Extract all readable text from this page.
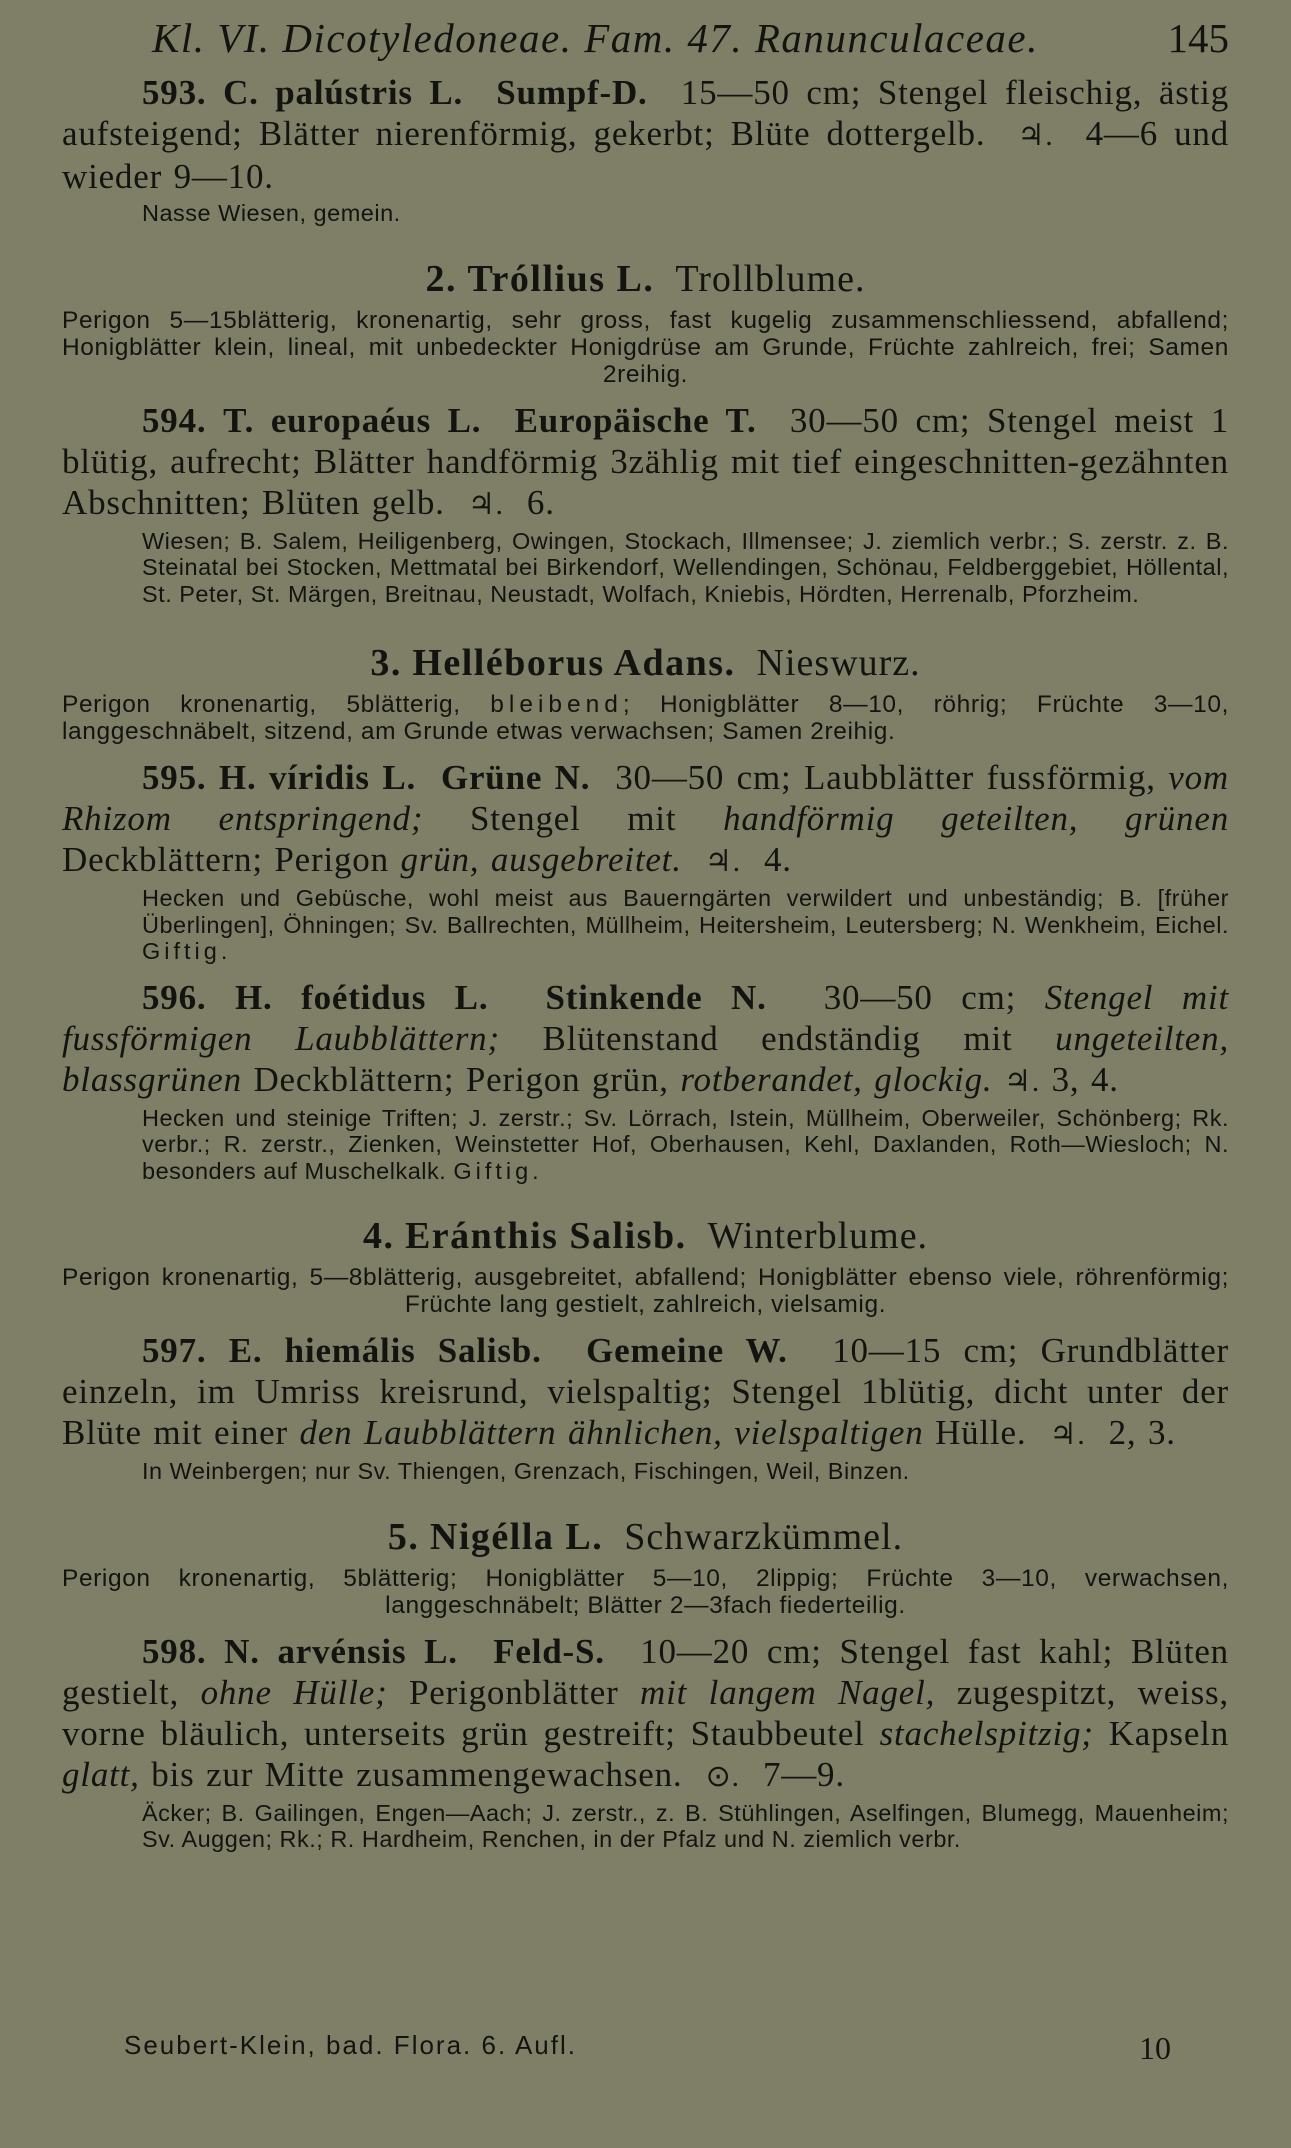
Kl. VI. Dicotyledoneae. Fam. 47. Ranunculaceae.	145
593. C. palústris L. Sumpf-D. 15—50 cm; Stengel fleischig, ästig aufsteigend; Blätter nierenförmig, gekerbt; Blüte dottergelb. ♃. 4—6 und wieder 9—10.
Nasse Wiesen, gemein.
2. Tróllius L. Trollblume.
Perigon 5—15blätterig, kronenartig, sehr gross, fast kugelig zusammenschliessend, abfallend; Honigblätter klein, lineal, mit unbedeckter Honigdrüse am Grunde, Früchte zahlreich, frei; Samen 2reihig.
594. T. europaéus L. Europäische T. 30—50 cm; Stengel meist 1 blütig, aufrecht; Blätter handförmig 3zählig mit tief eingeschnitten-gezähnten Abschnitten; Blüten gelb. ♃. 6.
Wiesen; B. Salem, Heiligenberg, Owingen, Stockach, Illmensee; J. ziemlich verbr.; S. zerstr. z. B. Steinatal bei Stocken, Mettmatal bei Birkendorf, Wellendingen, Schönau, Feldberggebiet, Höllental, St. Peter, St. Märgen, Breitnau, Neustadt, Wolfach, Kniebis, Hördten, Herrenalb, Pforzheim.
3. Helléborus Adans. Nieswurz.
Perigon kronenartig, 5blätterig, bleibend; Honigblätter 8—10, röhrig; Früchte 3—10, langgeschnäbelt, sitzend, am Grunde etwas verwachsen; Samen 2reihig.
595. H. víridis L. Grüne N. 30—50 cm; Laubblätter fussförmig, vom Rhizom entspringend; Stengel mit handförmig geteilten, grünen Deckblättern; Perigon grün, ausgebreitet. ♃. 4.
Hecken und Gebüsche, wohl meist aus Bauerngärten verwildert und unbeständig; B. [früher Überlingen], Öhningen; Sv. Ballrechten, Müllheim, Heitersheim, Leutersberg; N. Wenkheim, Eichel. Giftig.
596. H. foétidus L. Stinkende N. 30—50 cm; Stengel mit fussförmigen Laubblättern; Blütenstand endständig mit ungeteilten, blassgrünen Deckblättern; Perigon grün, rotberandet, glockig. ♃. 3, 4.
Hecken und steinige Triften; J. zerstr.; Sv. Lörrach, Istein, Müllheim, Oberweiler, Schönberg; Rk. verbr.; R. zerstr., Zienken, Weinstetter Hof, Oberhausen, Kehl, Daxlanden, Roth—Wiesloch; N. besonders auf Muschelkalk. Giftig.
4. Eránthis Salisb. Winterblume.
Perigon kronenartig, 5—8blätterig, ausgebreitet, abfallend; Honigblätter ebenso viele, röhrenförmig; Früchte lang gestielt, zahlreich, vielsamig.
597. E. hiemális Salisb. Gemeine W. 10—15 cm; Grundblätter einzeln, im Umriss kreisrund, vielspaltig; Stengel 1blütig, dicht unter der Blüte mit einer den Laubblättern ähnlichen, vielspaltigen Hülle. ♃. 2, 3.
In Weinbergen; nur Sv. Thiengen, Grenzach, Fischingen, Weil, Binzen.
5. Nigélla L. Schwarzkümmel.
Perigon kronenartig, 5blätterig; Honigblätter 5—10, 2lippig; Früchte 3—10, verwachsen, langgeschnäbelt; Blätter 2—3fach fiederteilig.
598. N. arvénsis L. Feld-S. 10—20 cm; Stengel fast kahl; Blüten gestielt, ohne Hülle; Perigonblätter mit langem Nagel, zugespitzt, weiss, vorne bläulich, unterseits grün gestreift; Staubbeutel stachelspitzig; Kapseln glatt, bis zur Mitte zusammengewachsen. ⊙. 7—9.
Äcker; B. Gailingen, Engen—Aach; J. zerstr., z. B. Stühlingen, Aselfingen, Blumegg, Mauenheim; Sv. Auggen; Rk.; R. Hardheim, Renchen, in der Pfalz und N. ziemlich verbr.
Seubert-Klein, bad. Flora. 6. Aufl.	10
